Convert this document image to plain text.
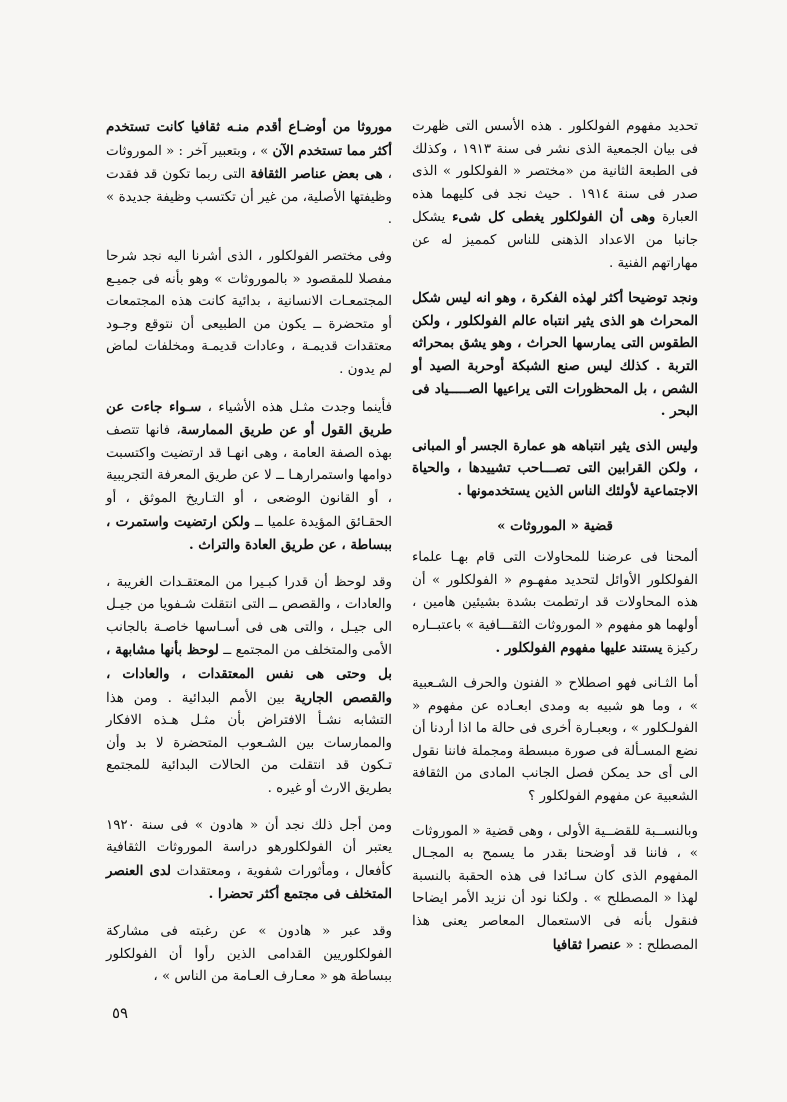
تحديد مفهوم الفولكلور . هذه الأسس التى ظهرت فى بيان الجمعية الذى نشر فى سنة ١٩١٣ ، وكذلك فى الطبعة الثانية من «مختصر « الفولكلور » الذى صدر فى سنة ١٩١٤ . حيث نجد فى كليهما هذه العبارة وهى أن الفولكلور يغطى كل شىء يشكل جانبا من الاعداد الذهنى للناس كمميز له عن مهاراتهم الفنية .

ونجد توضيحا أكثر لهذه الفكرة ، وهو انه ليس شكل المحراث هو الذى يثير انتباه عالم الفولكلور ، ولكن الطقوس التى يمارسها الحراث ، وهو يشق بمحراثه التربة . كذلك ليس صنع الشبكة أوحربة الصيد أو الشص ، بل المحظورات التى يراعيها الصـــــياد فى البحر .

وليس الذى يثير انتباهه هو عمارة الجسر أو المبانى ، ولكن القرابين التى تصـــاحب تشييدها ، والحياة الاجتماعية لأولئك الناس الذين يستخدمونها .

قضية « الموروثات »

ألمحنا فى عرضنا للمحاولات التى قام بهـا علماء الفولكلور الأوائل لتحديد مفهـوم « الفولكلور » أن هذه المحاولات قد ارتطمت بشدة بشيئين هامين ، أولهما هو مفهوم « الموروثات الثقـــافية » باعتبــاره ركيزة يستند عليها مفهوم الفولكلور .

أما الثـانى فهو اصطلاح « الفنون والحرف الشـعبية » ، وما هو شبيه به ومدى ابعـاده عن مفهوم « الفولـكلور » ، وبعبـارة أخرى فى حالة ما اذا أردنا أن نضع المسـألة فى صورة مبسطة ومجملة فاننا نقول الى أى حد يمكن فصل الجانب المادى من الثقافة الشعبية عن مفهوم الفولكلور ؟

وبالنســبة للقضــية الأولى ، وهى قضية « الموروثات » ، فاننا قد أوضحنا بقدر ما يسمح به المجـال المفهوم الذى كان سـائدا فى هذه الحقبة بالنسبة لهذا « المصطلح » . ولكنا نود أن نزيد الأمر ايضاحا فنقول بأنه فى الاستعمال المعاصر يعنى هذا المصطلح : « عنصرا ثقافيا

موروثا من أوضـاع أقدم منـه ثقافيا كانت تستخدم أكثر مما تستخدم الآن » ، وبتعبير آخر : « الموروثات ، هى بعض عناصر الثقافة التى ربما تكون قد فقدت وظيفتها الأصلية، من غير أن تكتسب وظيفة جديدة » .

وفى مختصر الفولكلور ، الذى أشرنا اليه نجد شرحا مفصلا للمقصود « بالموروثات » وهو بأنه فى جميـع المجتمعـات الانسانية ، بدائية كانت هذه المجتمعات أو متحضرة ــ يكون من الطبيعى أن نتوقع وجـود معتقدات قديمـة ، وعادات قديمـة ومخلفات لماض لم يدون .

فأينما وجدت مثـل هذه الأشياء ، سـواء جاءت عن طريق القول أو عن طريق الممارسة، فانها تتصف بهذه الصفة العامة ، وهى انهـا قد ارتضيت واكتسبت دوامها واستمرارهـا ــ لا عن طريق المعرفة التجريبية ، أو القانون الوضعى ، أو التـاريخ الموثق ، أو الحقـائق المؤيدة علميا ــ ولكن ارتضيت واستمرت ، ببساطة ، عن طريق العادة والتراث .

وقد لوحظ أن قدرا كبـيرا من المعتقـدات الغريبة ، والعادات ، والقصص ــ التى انتقلت شـفويا من جيـل الى جيـل ، والتى هى فى أسـاسها خاصـة بالجانب الأمى والمتخلف من المجتمع ــ لوحظ بأنها مشابهة ، بل وحتى هى نفس المعتقدات ، والعادات ، والقصص الجارية بين الأمم البدائية . ومن هذا التشابه نشـأ الافتراض بأن مثـل هـذه الافكار والممارسات بين الشـعوب المتحضرة لا بد وأن تـكون قد انتقلت من الحالات البدائية للمجتمع بطريق الارث أو غيره .

ومن أجل ذلك نجد أن « هادون » فى سنة ١٩٢٠ يعتبر أن الفولكلورهو دراسة الموروثات الثقافية كأفعال ، ومأثورات شفوية ، ومعتقدات لدى العنصر المتخلف فى مجتمع أكثر تحضرا .

وقد عبر « هادون » عن رغبته فى مشاركة الفولكلوريين القدامى الذين رأوا أن الفولكلور ببساطة هو « معـارف العـامة من الناس » ،

٥٩
